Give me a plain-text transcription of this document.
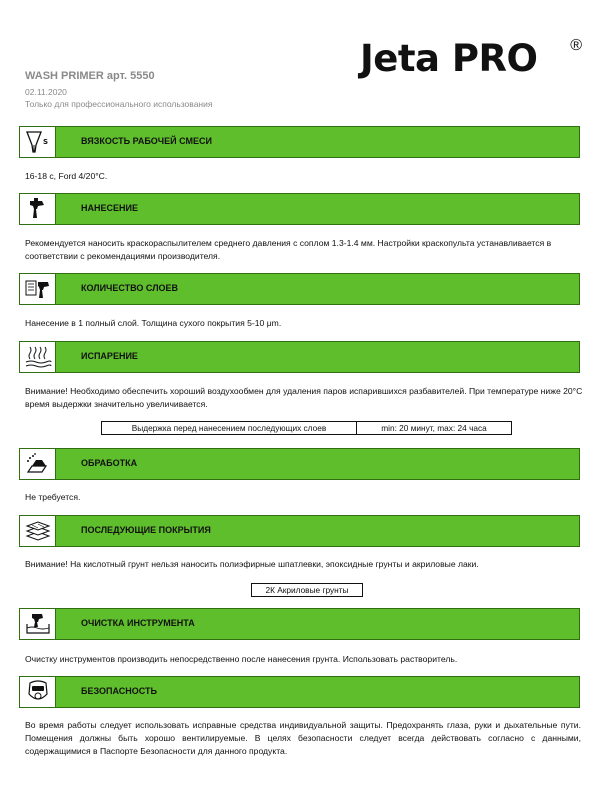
Jeta PRO	®
WASH PRIMER арт. 5550
02.11.2020
Только для профессионального использования
S	ВЯЗКОСТЬ РАБОЧЕЙ СМЕСИ
16-18 с, Ford 4/20°С.
НАНЕСЕНИЕ
Рекомендуется наносить краскораспылителем среднего давления с соплом 1.3-1.4 мм. Настройки краскопульта устанавливается в соответствии с рекомендациями производителя.
КОЛИЧЕСТВО СЛОЕВ
Нанесение в 1 полный слой. Толщина сухого покрытия 5-10 μm.
ИСПАРЕНИЕ
Внимание! Необходимо обеспечить хороший воздухообмен для удаления паров испарившихся разбавителей. При температуре ниже 20°С время выдержки значительно увеличивается.
Выдержка перед нанесением последующих слоев	min: 20 минут, max: 24 часа
ОБРАБОТКА
Не требуется.
ПОСЛЕДУЮЩИЕ ПОКРЫТИЯ
Внимание! На кислотный грунт нельзя наносить полиэфирные шпатлевки, эпоксидные грунты и акриловые лаки.
2К Акриловые грунты
ОЧИСТКА ИНСТРУМЕНТА
Очистку инструментов производить непосредственно после нанесения грунта. Использовать растворитель.
БЕЗОПАСНОСТЬ
Во время работы следует использовать исправные средства индивидуальной защиты. Предохранять глаза, руки и дыхательные пути. Помещения должны быть хорошо вентилируемые. В целях безопасности следует всегда действовать согласно с данными, содержащимися в Паспорте Безопасности для данного продукта.
